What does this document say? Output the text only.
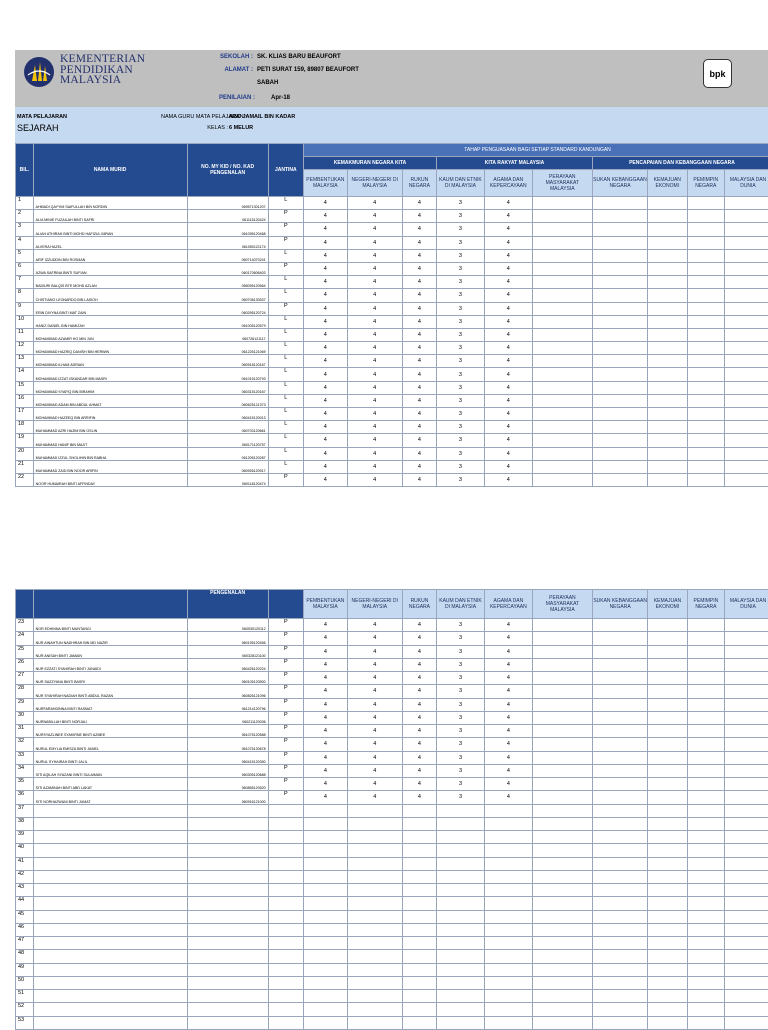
KEMENTERIAN
PENDIDIKAN
MALAYSIA
SEKOLAH : SK. KLIAS BARU BEAUFORT
ALAMAT : PETI SURAT 159, 89807 BEAUFORT
SABAH
PENILAIAN :	Apr-18
bpk
MATA PELAJARAN
SEJARAH
NAMA GURU MATA PELAJARAN :
ABD JAMAIL BIN KADAR
KELAS : 6 MELUR
BIL.	NAMA MURID	NO. MY KID / NO. KAD PENGENALAN	JANTINA	TAHAP PENGUASAAN BAGI SETIAP STANDARD KANDUNGAN									
				KEMAKMURAN NEGARA KITA			KITA RAKYAT MALAYSIA			PENCAPAIAN DAN KEBANGGAAN NEGARA			
				PEMBENTUKAN MALAYSIA	NEGERI-NEGERI DI MALAYSIA	RUKUN NEGARA	KAUM DAN ETNIK DI MALAYSIA	AGAMA DAN KEPERCAYAAN	PERAYAAN MASYARAKAT MALAYSIA	SUKAN KEBANGGAAN NEGARA	KEMAJUAN EKONOMI	PEMIMPIN NEGARA	MALAYSIA DAN DUNIA
1	AHMADI QAYYIM SAIFULLAH BIN NORDIN	069571301207	L	4	4	4	3	4					
2	ALIA MINIE FUZAILAH BINTI SAFRI	061115120424	P	4	4	4	3	4					
3	ALIAH ATHIRAH BINTI MOHD HAFIZUL IMRAN	061095120468	P	4	4	4	3	4					
4	ALVERA HAZEL	061050121174	P	4	4	4	3	4					
5	ARIF IZZUDDIN BIN ROSMAN	060714070241	L	4	4	4	3	4					
6	AZWA SAFRINA BINTI SUFIAN	060170606403	P	4	4	4	3	4					
7	BADIURI BALQIS BTE MOHD AZLAN	065095120564	L	4	4	4	3	4					
8	CHISTIANO LEONARDO BIN LASIOH	060708130537	L	4	4	4	3	4					
9	ERIN DIVYNA BINTI MAT ZAIN	060295120724	P	4	4	4	3	4					
10	HANIZ DANIEL BIN HAMIZAH	061005120579	L	4	4	4	3	4					
11	MOHAMMAD AZAMIR HO MIN JUN	060726121117	L	4	4	4	3	4					
12	MOHAMMAD HAZRIQ DANISH BIN HERWIN	061225121069	L	4	4	4	3	4					
13	MOHAMMAD ILHAM ADRIAN	060918120167	L	4	4	4	3	4					
14	MOHAMMAD IZZAT ISKANDAR BIN MASRI	061015120793	L	4	4	4	3	4					
15	MOHAMMAD SYAFIQ BIN IBRAHIM	060315120167	L	4	4	4	3	4					
16	MOHAMMAD ADAM BIN ABDUL AHMAT	060625121373	L	4	4	4	3	4					
17	MOHAMMAD HAZEEQ BIN ARRIFIN	060415120013	L	4	4	4	3	4					
18	MUHAMMAD AZRI HAZIM BIN OSLIN	060703120661	L	4	4	4	3	4					
19	MUHAMMAD HANIF BIN MAJIT	060171120757	L	4	4	4	3	4					
20	MUHAMMAD IZZUL SHOLIHIN BIN RABHA	061205120287	L	4	4	4	3	4					
21	MUHAMMAD ZAID BIN NOOR ARIFIN	060926120917	L	4	4	4	3	4					
22	NOOR HUMAIRAH BINTI AFFINDAY	060118120474	P	4	4	4	3	4					
		PENGENALAN		PEMBENTUKAN MALAYSIA	NEGERI-NEGERI DI MALAYSIA	RUKUN NEGARA	KAUM DAN ETNIK DI MALAYSIA	AGAMA DAN KEPERCAYAAN	PERAYAAN MASYARAKAT MALAYSIA	SUKAN KEBANGGAAN NEGARA	KEMAJUAN EKONOMI	PEMIMPIN NEGARA	MALAYSIA DAN DUNIA
23	NOR EDHINNA BINTI MUNTANGI	060930120112	P	4	4	4	3	4					
24	NUR AINAHTUN NADHIRAH BIN MD NAZIR	060195120456	P	4	4	4	3	4					
25	NUR ANISAH BINTI JAMAIN	060328121100	P	4	4	4	3	4					
26	NUR EZZATI SYAHIRAH BINTI JUNAIDI	060426120224	P	4	4	4	3	4					
27	NUR SAZZYANA BINTI BASRI	060105120500	P	4	4	4	3	4					
28	NUR SYAHIRAH NADIAH BINTI ABDUL RAZAN	060826121096	P	4	4	4	3	4					
29	NURFARAHDINNA BINTI RASMAT	061214120796	P	4	4	4	3	4					
30	NURNABILLAH BINTI NORJALI	060211120036	P	4	4	4	3	4					
31	NURSYAZLINEE SYAKIRNE BINTI AZMEE	061075120588	P	4	4	4	3	4					
32	NURUL EMYLIA EMISZA BINTI JAMEL	061075120678	P	4	4	4	3	4					
33	NURUL SYHAIRAH BINTI JALIL	060415120350	P	4	4	4	3	4					
34	SITI AQILAH SYAZANI BINTI SULAIMAN	060305120688	P	4	4	4	3	4					
35	SITI AZAMINAH BINTI ABD LAKAT	060855120520	P	4	4	4	3	4					
36	SITI NORHAZWANI BINTI JUMAT	060916121000	P	4	4	4	3	4					
37													
38													
39													
40													
41													
42													
43													
44													
45													
46													
47													
48													
49													
50													
51													
52													
53													
